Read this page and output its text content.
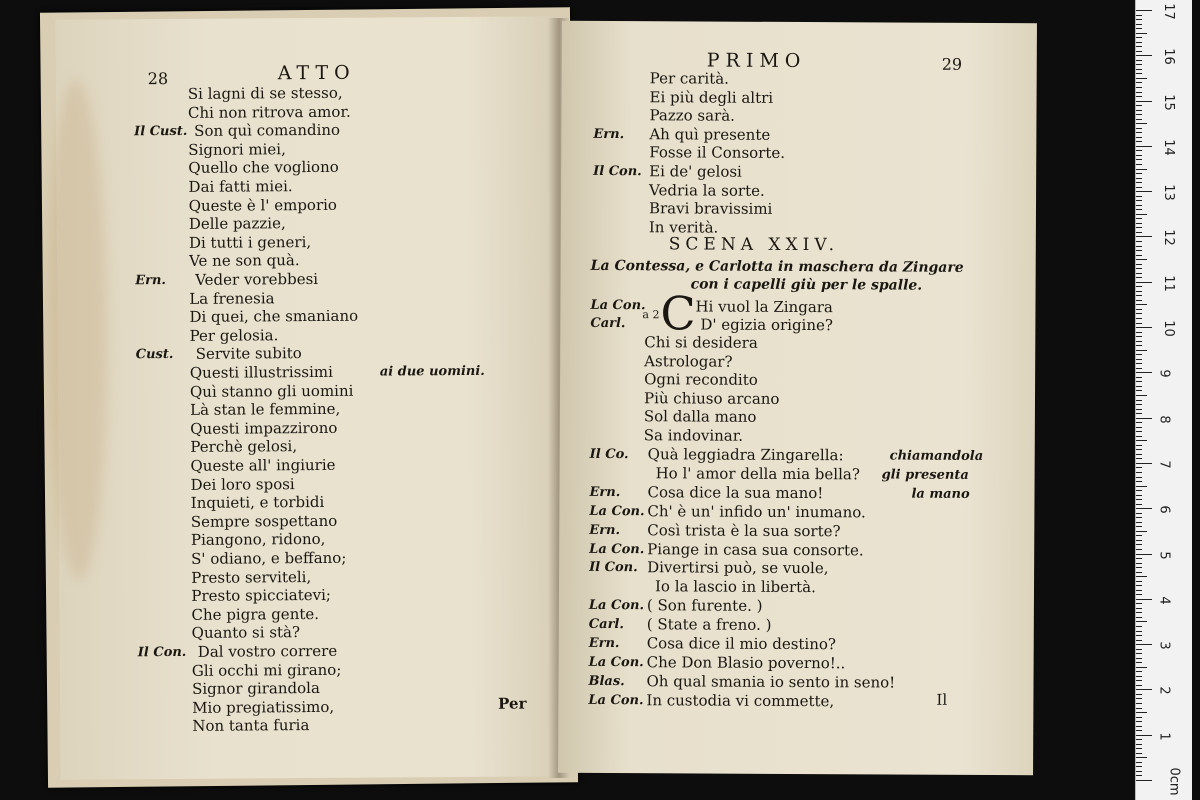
28	ATTO
Si lagni di se stesso,
Chi non ritrova amor.
Il Cust. Son quì comandino
Signori miei,
Quello che vogliono
Dai fatti miei.
Queste è l' emporio
Delle pazzie,
Di tutti i generi,
Ve ne son quà.
Ern. Veder vorebbesi
La frenesia
Di quei, che smaniano
Per gelosia.
Cust. Servite subito
Questi illustrissimi	ai due uomini.
Quì stanno gli uomini
Là stan le femmine,
Questi impazzirono
Perchè gelosi,
Queste all' ingiurie
Dei loro sposi
Inquieti, e torbidi
Sempre sospettano
Piangono, ridono,
S' odiano, e beffano;
Presto serviteli,
Presto spicciatevi;
Che pigra gente.
Quanto si stà?
Il Con. Dal vostro correre
Gli occhi mi girano;
Signor girandola
Mio pregiatissimo,
Non tanta furia
Per
PRIMO	29
Per carità.
Ei più degli altri
Pazzo sarà.
Ern. Ah quì presente
Fosse il Consorte.
Il Con. Ei de' gelosi
Vedria la sorte.
Bravi bravissimi
In verità.
SCENA XXIV.
La Contessa, e Carlotta in maschera da Zingare
con i capelli giù per le spalle.
La Con.
Carl.
a 2 C Hi vuol la Zingara
D' egizia origine?
Chi si desidera
Astrologar?
Ogni recondito
Più chiuso arcano
Sol dalla mano
Sa indovinar.
Il Co. Quà leggiadra Zingarella:	chiamandola
Ho l' amor della mia bella? gli presenta
Ern. Cosa dice la sua mano!	la mano
La Con. Ch' è un' infido un' inumano.
Ern. Così trista è la sua sorte?
La Con. Piange in casa sua consorte.
Il Con. Divertirsi può, se vuole,
Io la lascio in libertà.
La Con. ( Son furente. )
Carl. ( State a freno. )
Ern. Cosa dice il mio destino?
La Con. Che Don Blasio poverno!..
Blas. Oh qual smania io sento in seno!
La Con. In custodia vi commette,	Il
17
16
15
14
13
12
11
10
9
8
7
6
5
4
3
2
1
0cm
